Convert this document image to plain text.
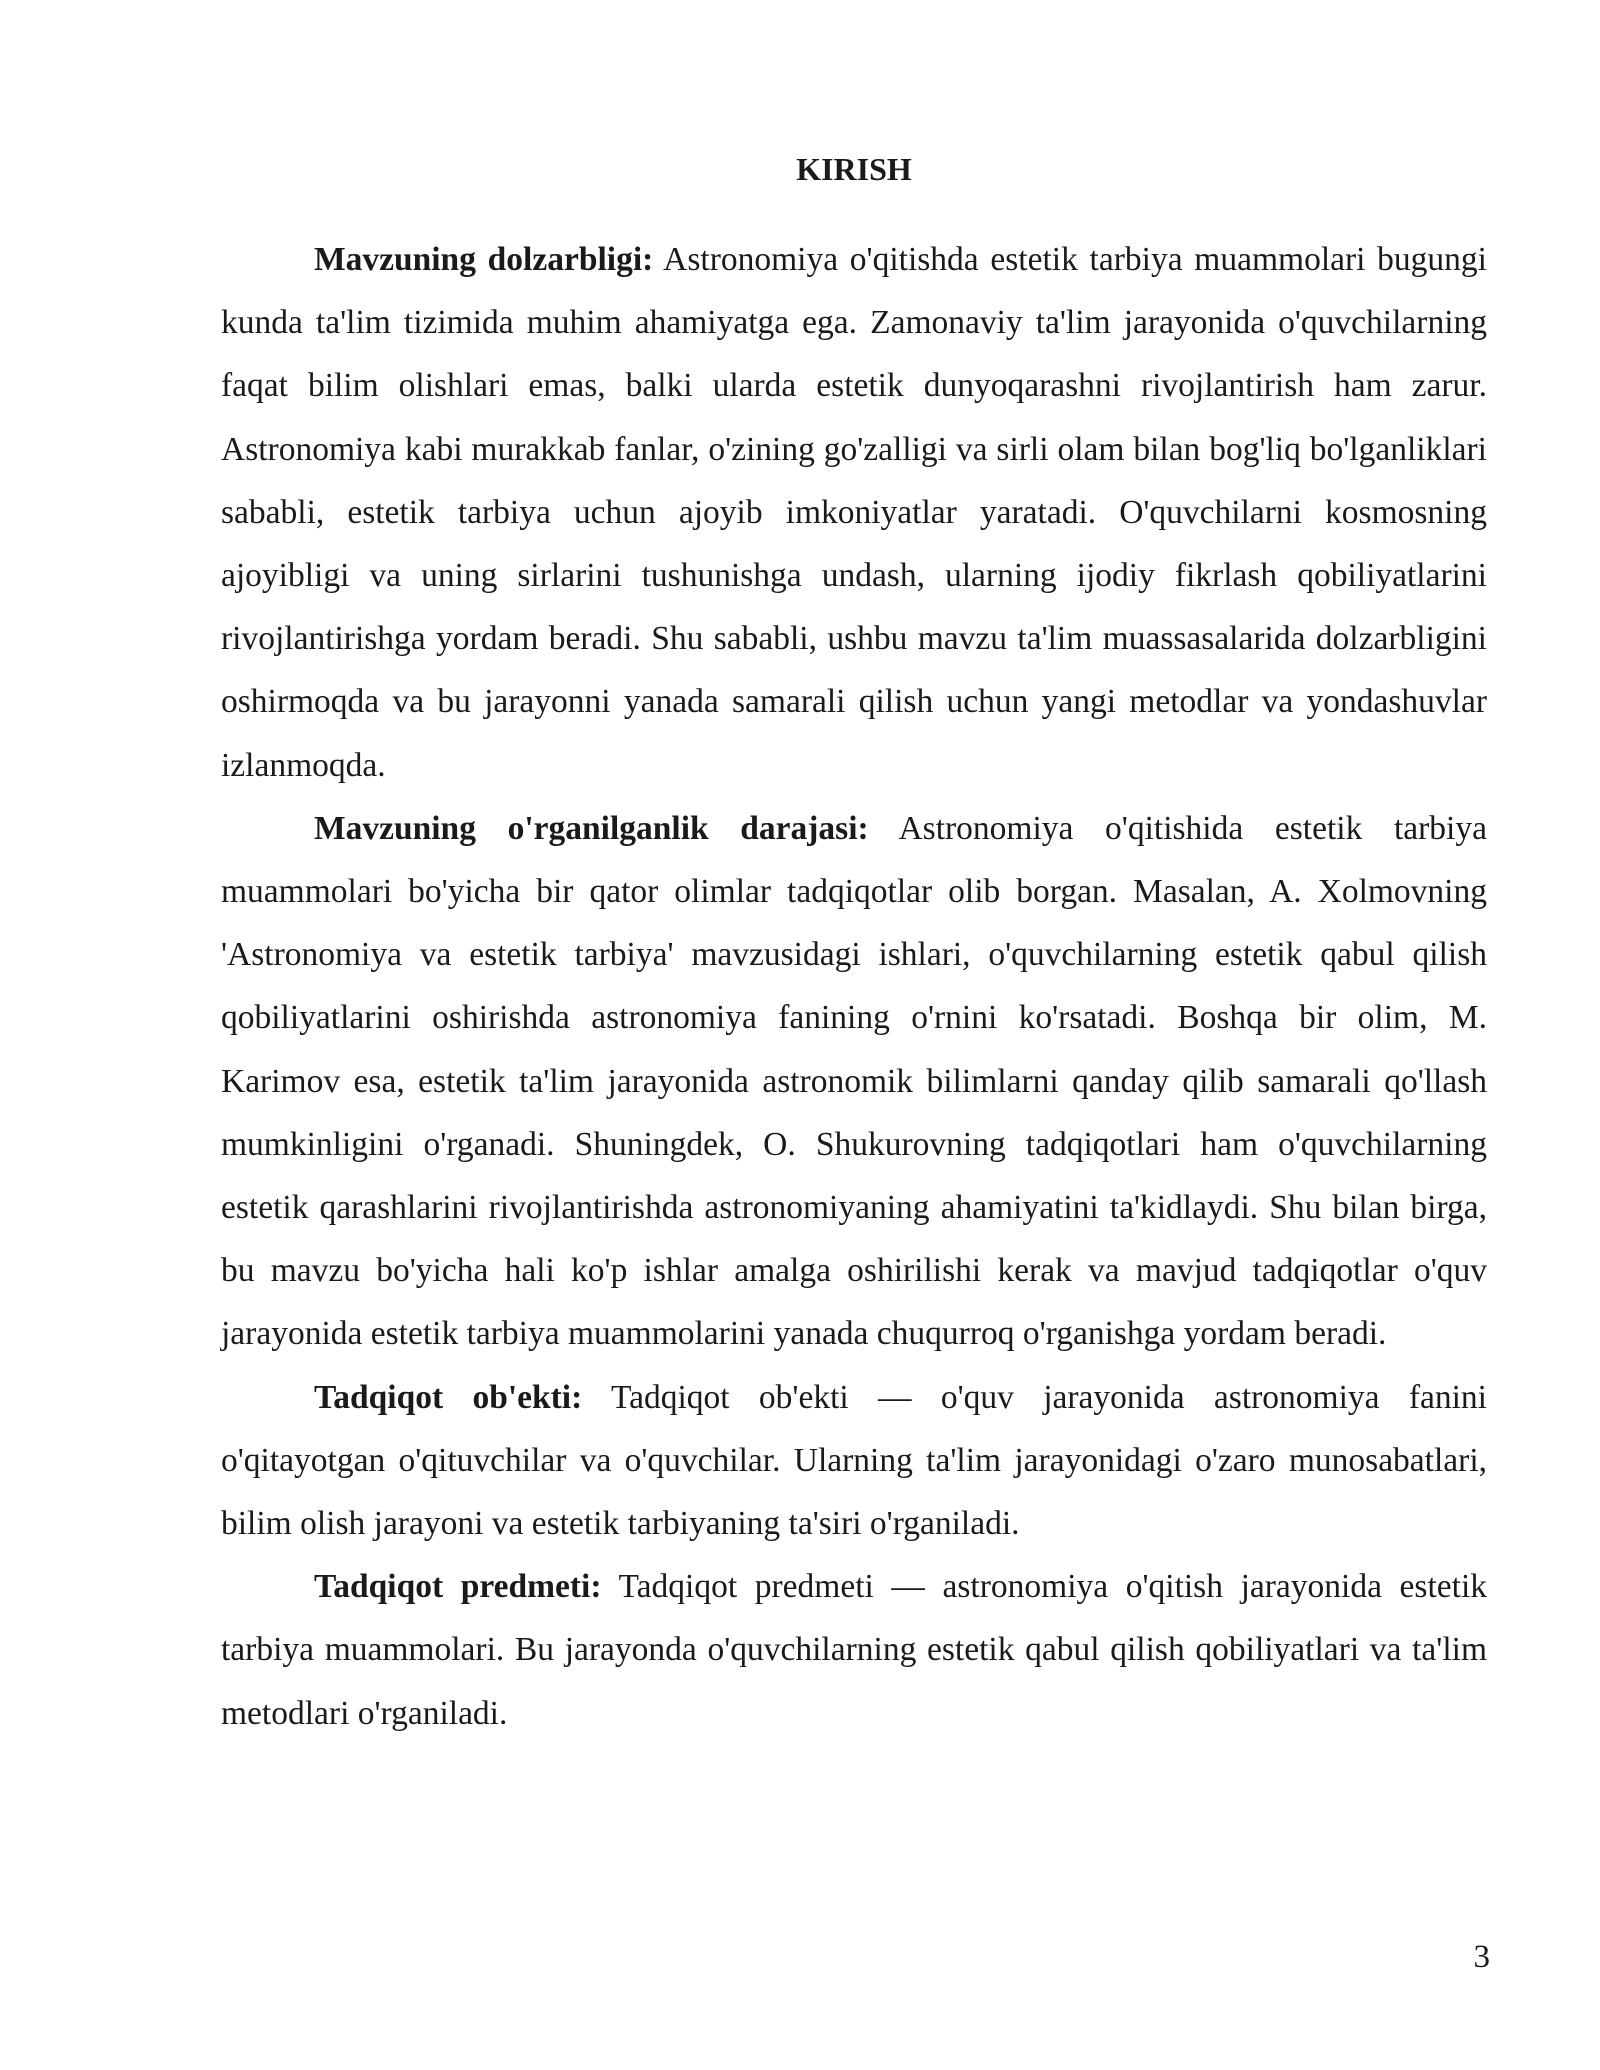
KIRISH

Mavzuning dolzarbligi: Astronomiya o'qitishda estetik tarbiya muammolari bugungi kunda ta'lim tizimida muhim ahamiyatga ega. Zamonaviy ta'lim jarayonida o'quvchilarning faqat bilim olishlari emas, balki ularda estetik dunyoqarashni rivojlantirish ham zarur. Astronomiya kabi murakkab fanlar, o'zining go'zalligi va sirli olam bilan bog'liq bo'lganliklari sababli, estetik tarbiya uchun ajoyib imkoniyatlar yaratadi. O'quvchilarni kosmosning ajoyibligi va uning sirlarini tushunishga undash, ularning ijodiy fikrlash qobiliyatlarini rivojlantirishga yordam beradi. Shu sababli, ushbu mavzu ta'lim muassasalarida dolzarbligini oshirmoqda va bu jarayonni yanada samarali qilish uchun yangi metodlar va yondashuvlar izlanmoqda.

Mavzuning o'rganilganlik darajasi: Astronomiya o'qitishida estetik tarbiya muammolari bo'yicha bir qator olimlar tadqiqotlar olib borgan. Masalan, A. Xolmovning 'Astronomiya va estetik tarbiya' mavzusidagi ishlari, o'quvchilarning estetik qabul qilish qobiliyatlarini oshirishda astronomiya fanining o'rnini ko'rsatadi. Boshqa bir olim, M. Karimov esa, estetik ta'lim jarayonida astronomik bilimlarni qanday qilib samarali qo'llash mumkinligini o'rganadi. Shuningdek, O. Shukurovning tadqiqotlari ham o'quvchilarning estetik qarashlarini rivojlantirishda astronomiyaning ahamiyatini ta'kidlaydi. Shu bilan birga, bu mavzu bo'yicha hali ko'p ishlar amalga oshirilishi kerak va mavjud tadqiqotlar o'quv jarayonida estetik tarbiya muammolarini yanada chuqurroq o'rganishga yordam beradi.

Tadqiqot ob'ekti: Tadqiqot ob'ekti — o'quv jarayonida astronomiya fanini o'qitayotgan o'qituvchilar va o'quvchilar. Ularning ta'lim jarayonidagi o'zaro munosabatlari, bilim olish jarayoni va estetik tarbiyaning ta'siri o'rganiladi.

Tadqiqot predmeti: Tadqiqot predmeti — astronomiya o'qitish jarayonida estetik tarbiya muammolari. Bu jarayonda o'quvchilarning estetik qabul qilish qobiliyatlari va ta'lim metodlari o'rganiladi.

3
